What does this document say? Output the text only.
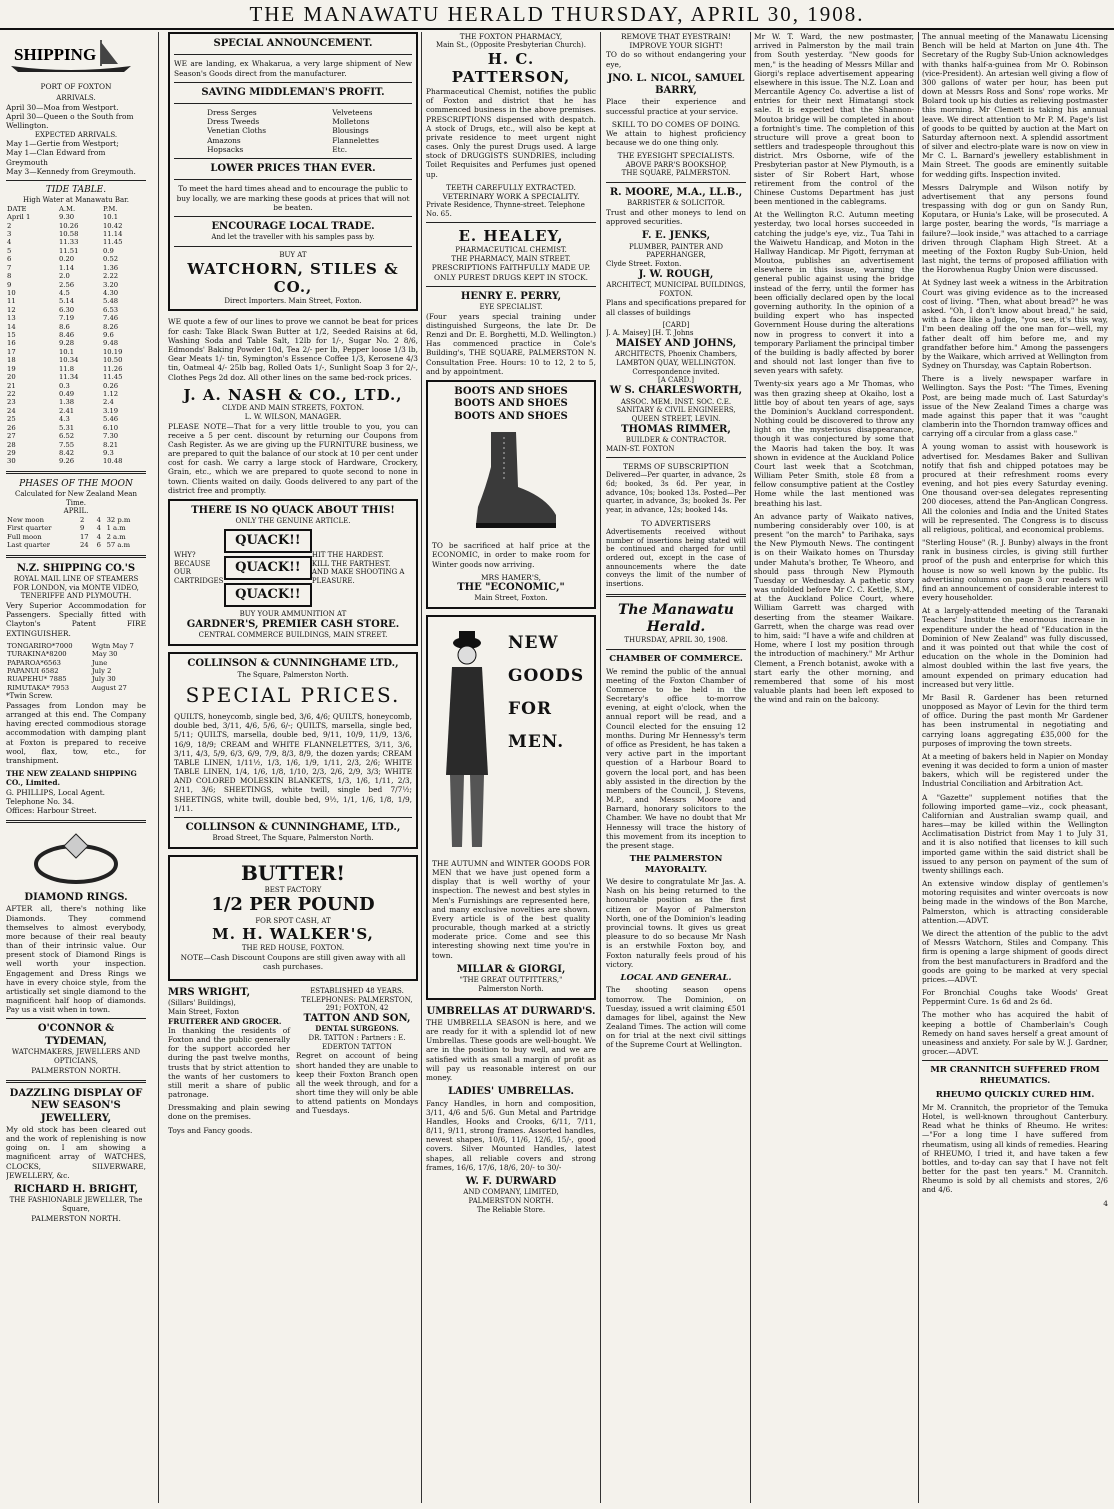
THE MANAWATU HERALD THURSDAY, APRIL 30, 1908.
SHIPPING
PORT OF FOXTON
ARRIVALS.
April 30—Moa from Westport.
April 30—Queen o the South from Wellington.
EXPECTED ARRIVALS.
May 1—Gertie from Westport;
May 1—Clan Edward from Greymouth
May 3—Kennedy from Greymouth.
TIDE TABLE.
High Water at Manawatu Bar.
DATE	A.M.	P.M.
April 1	9.30	10.1
2	10.26	10.42
3	10.58	11.14
4	11.33	11.45
5	11.51	0.9
6	0.20	0.52
7	1.14	1.36
8	2.0	2.22
9	2.56	3.20
10	4.5	4.30
11	5.14	5.48
12	6.30	6.53
13	7.19	7.46
14	8.6	8.26
15	8.46	9.6
16	9.28	9.48
17	10.1	10.19
18	10.34	10.50
19	11.8	11.26
20	11.34	11.45
21	0.3	0.26
22	0.49	1.12
23	1.38	2.4
24	2.41	3.19
25	4.3	5.46
26	5.31	6.10
27	6.52	7.30
28	7.55	8.21
29	8.42	9.3
30	9.26	10.48
PHASES OF THE MOON
Calculated for New Zealand Mean Time.
APRIL.
New moon	2	4	32 p.m
First quarter	9	4	1 a.m
Full moon	17	4	2 a.m
Last quarter	24	6	57 a.m
N.Z. SHIPPING CO.'S
ROYAL MAIL LINE OF STEAMERS
FOR LONDON, via MONTE VIDEO, TENERIFFE AND PLYMOUTH.

Very Superior Accommodation for Passengers. Specially fitted with Clayton's Patent FIRE EXTINGUISHER.

TONGARIRO*7000	Wgtn May 7
TURAKINA*8200	May 30
PAPAROA*6563	June
PAPANUI 6582	July 2
RUAPEHU* 7885	July 30
RIMUTAKA* 7953	August 27
*Twin Screw.

Passages from London may be arranged at this end. The Company having erected commodious storage accommodation with damping plant at Foxton is prepared to receive wool, flax, tow, etc., for transhipment.

THE NEW ZEALAND SHIPPING CO., Limited.
G. PHILLIPS, Local Agent.
Telephone No. 34.
Offices: Harbour Street.
DIAMOND RINGS.

AFTER all, there's nothing like Diamonds. They commend themselves to almost everybody, more because of their real beauty than of their intrinsic value. Our present stock of Diamond Rings is well worth your inspection. Engagement and Dress Rings we have in every choice style, from the artistically set single diamond to the magnificent half hoop of diamonds. Pay us a visit when in town.

O'CONNOR & TYDEMAN,
WATCHMAKERS, JEWELLERS AND OPTICIANS,
PALMERSTON NORTH.
DAZZLING DISPLAY OF NEW SEASON'S JEWELLERY,

My old stock has been cleared out and the work of replenishing is now going on. I am showing a magnificent array of WATCHES, CLOCKS, SILVERWARE, JEWELLERY, &c.

RICHARD H. BRIGHT,
THE FASHIONABLE JEWELLER, The Square,
PALMERSTON NORTH.
SPECIAL ANNOUNCEMENT.

WE are landing, ex Whakarua, a very large shipment of New Season's Goods direct from the manufacturer.

SAVING MIDDLEMAN'S PROFIT.
Dress Serges
Dress Tweeds
Venetian Cloths
Amazons
Hopsacks
Velveteens
Molletons
Blousings
Flannelettes
Etc.
LOWER PRICES THAN EVER.

To meet the hard times ahead and to encourage the public to buy locally, we are marking these goods at prices that will not be beaten.

ENCOURAGE LOCAL TRADE.
And let the traveller with his samples pass by.
BUY AT
WATCHORN, STILES & CO.,
Direct Importers. Main Street, Foxton.

WE quote a few of our lines to prove we cannot be beat for prices for cash: Take Black Swan Butter at 1/2, Seeded Raisins at 6d, Washing Soda and Table Salt, 12lb for 1/-, Sugar No. 2 8/6, Edmonds' Baking Powder 10d, Tea 2/- per lb, Pepper loose 1/3 lb, Gear Meats 1/- tin, Symington's Essence Coffee 1/3, Kerosene 4/3 tin, Oatmeal 4/- 25lb bag, Rolled Oats 1/-, Sunlight Soap 3 for 2/-, Clothes Pegs 2d doz. All other lines on the same bed-rock prices.

J. A. NASH & CO., LTD.,
CLYDE AND MAIN STREETS, FOXTON.
L. W. WILSON, MANAGER.

PLEASE NOTE—That for a very little trouble to you, you can receive a 5 per cent. discount by returning our Coupons from Cash Register. As we are giving up the FURNITURE business, we are prepared to quit the balance of our stock at 10 per cent under cost for cash. We carry a large stock of Hardware, Crockery, Grain, etc., which we are prepared to quote second to none in town. Clients waited on daily. Goods delivered to any part of the district free and promptly.

THERE IS NO QUACK ABOUT THIS!
ONLY THE GENUINE ARTICLE.
WHY?
BECAUSE
OUR CARTRIDGES
QUACK!!
QUACK!!
QUACK!!
HIT THE HARDEST.
KILL THE FARTHEST.
AND MAKE SHOOTING A PLEASURE.
BUY YOUR AMMUNITION AT
GARDNER'S, PREMIER CASH STORE.
CENTRAL COMMERCE BUILDINGS, MAIN STREET.
COLLINSON & CUNNINGHAME LTD.,
The Square, Palmerston North.
SPECIAL PRICES.

QUILTS, honeycomb, single bed, 3/6, 4/6; QUILTS, honeycomb, double bed, 3/11, 4/6, 5/6, 6/-; QUILTS, marsella, single bed, 5/11; QUILTS, marsella, double bed, 9/11, 10/9, 11/9, 13/6, 16/9, 18/9; CREAM and WHITE FLANNELETTES, 3/11, 3/6, 3/11, 4/3, 5/9, 6/3, 6/9, 7/9, 8/3, 8/9, the dozen yards; CREAM TABLE LINEN, 1/11½, 1/3, 1/6, 1/9, 1/11, 2/3, 2/6; WHITE TABLE LINEN, 1/4, 1/6, 1/8, 1/10, 2/3, 2/6, 2/9, 3/3; WHITE AND COLORED MOLESKIN BLANKETS, 1/3, 1/6, 1/11, 2/3, 2/11, 3/6; SHEETINGS, white twill, single bed 7/7½; SHEETINGS, white twill, double bed, 9½, 1/1, 1/6, 1/8, 1/9, 1/11.

COLLINSON & CUNNINGHAME, LTD.,
Broad Street, The Square, Palmerston North.
BUTTER!
BEST FACTORY
1/2 PER POUND
FOR SPOT CASH, AT
M. H. WALKER'S,
THE RED HOUSE, FOXTON.

NOTE—Cash Discount Coupons are still given away with all cash purchases.

MRS WRIGHT,
(Sillars' Buildings),
Main Street, Foxton
FRUITERER AND GROCER.

In thanking the residents of Foxton and the public generally for the support accorded her during the past twelve months, trusts that by strict attention to the wants of her customers to still merit a share of public patronage.

Dressmaking and plain sewing done on the premises.

Toys and Fancy goods.
ESTABLISHED 48 YEARS.
TELEPHONES: PALMERSTON, 291; FOXTON, 42
TATTON AND SON,
DENTAL SURGEONS.
DR. TATTON : Partners : E. EDERTON TATTON

Regret on account of being short handed they are unable to keep their Foxton Branch open all the week through, and for a short time they will only be able to attend patients on Mondays and Tuesdays.

THE FOXTON PHARMACY,
Main St., (Opposite Presbyterian Church).
H. C. PATTERSON,

Pharmaceutical Chemist, notifies the public of Foxton and district that he has commenced business in the above premises. PRESCRIPTIONS dispensed with despatch. A stock of Drugs, etc., will also be kept at private residence to meet urgent night cases. Only the purest Drugs used. A large stock of DRUGGISTS SUNDRIES, including Toilet Requisites and Perfumes just opened up.

TEETH CAREFULLY EXTRACTED.
VETERINARY WORK A SPECIALITY.
Private Residence, Thynne-street. Telephone No. 65.
E. HEALEY,
PHARMACEUTICAL CHEMIST.
THE PHARMACY, MAIN STREET.
PRESCRIPTIONS FAITHFULLY MADE UP.
ONLY PUREST DRUGS KEPT IN STOCK.
HENRY E. PERRY,
EYE SPECIALIST.

(Four years special training under distinguished Surgeons, the late Dr. De Renzi and Dr. E. Borghetti, M.D. Wellington.) Has commenced practice in Cole's Building's, THE SQUARE, PALMERSTON N. Consultation Free. Hours: 10 to 12, 2 to 5, and by appointment.

BOOTS AND SHOES
BOOTS AND SHOES
BOOTS AND SHOES

TO be sacrificed at half price at the ECONOMIC, in order to make room for Winter goods now arriving.

MRS HAMER'S,
THE "ECONOMIC,"
Main Street, Foxton.
NEW
GOODS
FOR
MEN.

THE AUTUMN and WINTER GOODS FOR MEN that we have just opened form a display that is well worthy of your inspection. The newest and best styles in Men's Furnishings are represented here, and many exclusive novelties are shown. Every article is of the best quality procurable, though marked at a strictly moderate price. Come and see this interesting showing next time you're in town.

MILLAR & GIORGI,
"THE GREAT OUTFITTERS,"
Palmerston North.
UMBRELLAS AT DURWARD'S.

THE UMBRELLA SEASON is here, and we are ready for it with a splendid lot of new Umbrellas. These goods are well-bought. We are in the position to buy well, and we are satisfied with as small a margin of profit as will pay us reasonable interest on our money.

LADIES' UMBRELLAS.

Fancy Handles, in horn and composition, 3/11, 4/6 and 5/6. Gun Metal and Partridge Handles, Hooks and Crooks, 6/11, 7/11, 8/11, 9/11, strong frames. Assorted handles, newest shapes, 10/6, 11/6, 12/6, 15/-, good covers. Silver Mounted Handles, latest shapes, all reliable covers and strong frames, 16/6, 17/6, 18/6, 20/- to 30/-

W. F. DURWARD
AND COMPANY, LIMITED,
PALMERSTON NORTH.
The Reliable Store.
REMOVE THAT EYESTRAIN! IMPROVE YOUR SIGHT!

TO do so without endangering your eye,

JNO. L. NICOL, SAMUEL BARRY,

Place their experience and successful practice at your service.

SKILL TO DO COMES OF DOING.

We attain to highest proficiency because we do one thing only.

THE EYESIGHT SPECIALISTS.
ABOVE PARR'S BOOKSHOP,
THE SQUARE, PALMERSTON.
R. MOORE, M.A., LL.B.,
BARRISTER & SOLICITOR.

Trust and other moneys to lend on approved securities.

F. E. JENKS,
PLUMBER, PAINTER AND PAPERHANGER,
Clyde Street. Foxton.
J. W. ROUGH,
ARCHITECT, MUNICIPAL BUILDINGS, FOXTON.

Plans and specifications prepared for all classes of buildings

[CARD]
J. A. Maisey] [H. T. Johns
MAISEY AND JOHNS,
ARCHITECTS, Phoenix Chambers, LAMBTON QUAY, WELLINGTON.
Correspondence invited.
[A CARD.]
W S. CHARLESWORTH,
ASSOC. MEM. INST. SOC. C.E. SANITARY & CIVIL ENGINEERS, QUEEN STREET, LEVIN.
THOMAS RIMMER,
BUILDER & CONTRACTOR.
MAIN-ST. FOXTON
TERMS OF SUBSCRIPTION

Delivered—Per quarter, in advance, 2s 6d; booked, 3s 6d. Per year, in advance, 10s; booked 13s. Posted—Per quarter, in advance, 3s; booked 3s. Per year, in advance, 12s; booked 14s.

TO ADVERTISERS

Advertisements received without number of insertions being stated will be continued and charged for until ordered out, except in the case of announcements where the date conveys the limit of the number of insertions.

The Manawatu Herald.
THURSDAY, APRIL 30, 1908.
CHAMBER OF COMMERCE.

We remind the public of the annual meeting of the Foxton Chamber of Commerce to be held in the Secretary's office to-morrow evening, at eight o'clock, when the annual report will be read, and a Council elected for the ensuing 12 months. During Mr Hennessy's term of office as President, he has taken a very active part in the important question of a Harbour Board to govern the local port, and has been ably assisted in the direction by the members of the Council, J. Stevens, M.P., and Messrs Moore and Barnard, honorary solicitors to the Chamber. We have no doubt that Mr Hennessy will trace the history of this movement from its inception to the present stage.

THE PALMERSTON MAYORALTY.

We desire to congratulate Mr Jas. A. Nash on his being returned to the honourable position as the first citizen or Mayor of Palmerston North, one of the Dominion's leading provincial towns. It gives us great pleasure to do so because Mr Nash is an erstwhile Foxton boy, and Foxton naturally feels proud of his victory.

LOCAL AND GENERAL.

The shooting season opens tomorrow. The Dominion, on Tuesday, issued a writ claiming £501 damages for libel, against the New Zealand Times. The action will come on for trial at the next civil sittings of the Supreme Court at Wellington.

Mr W. T. Ward, the new postmaster, arrived in Palmerston by the mail train from South yesterday. "New goods for men," is the heading of Messrs Millar and Giorgi's replace advertisement appearing elsewhere in this issue. The N.Z. Loan and Mercantile Agency Co. advertise a list of entries for their next Himatangi stock sale. It is expected that the Shannon-Moutoa bridge will be completed in about a fortnight's time. The completion of this structure will prove a great boon to settlers and tradespeople throughout this district. Mrs Osborne, wife of the Presbyterian pastor at New Plymouth, is a sister of Sir Robert Hart, whose retirement from the control of the Chinese Customs Department has just been mentioned in the cablegrams.

At the Wellington R.C. Autumn meeting yesterday, two local horses succeeded in catching the judge's eye, viz., Tua Tahi in the Waiwetu Handicap, and Moton in the Hallway Handicap. Mr Pigott, ferryman at Moutoa, publishes an advertisement elsewhere in this issue, warning the general public against using the bridge instead of the ferry, until the former has been officially declared open by the local governing authority. In the opinion of a building expert who has inspected Government House during the alterations now in progress to convert it into a temporary Parliament the principal timber of the building is badly affected by borer and should not last longer than five to seven years with safety.

Twenty-six years ago a Mr Thomas, who was then grazing sheep at Okaiho, lost a little boy of about ten years of age, says the Dominion's Auckland correspondent. Nothing could be discovered to throw any light on the mysterious disappearance, though it was conjectured by some that the Maoris had taken the boy. It was shown in evidence at the Auckland Police Court last week that a Scotchman, William Peter Smith, stole £8 from a fellow consumptive patient at the Costley Home while the last mentioned was breathing his last.

An advance party of Waikato natives, numbering considerably over 100, is at present "on the march" to Parihaka, says the New Plymouth News. The contingent is on their Waikato homes on Thursday under Mahuta's brother, Te Wheoro, and should pass through New Plymouth Tuesday or Wednesday. A pathetic story was unfolded before Mr C. C. Kettle, S.M., at the Auckland Police Court, where William Garrett was charged with deserting from the steamer Waikare. Garrett, when the charge was read over to him, said: "I have a wife and children at Home, where I lost my position through the introduction of machinery." Mr Arthur Clement, a French botanist, awoke with a start early the other morning, and remembered that some of his most valuable plants had been left exposed to the wind and rain on the balcony.

The annual meeting of the Manawatu Licensing Bench will be held at Marton on June 4th. The Secretary of the Rugby Sub-Union acknowledges with thanks half-a-guinea from Mr O. Robinson (vice-President). An artesian well giving a flow of 300 gallons of water per hour, has been put down at Messrs Ross and Sons' rope works. Mr Bolard took up his duties as relieving postmaster this morning. Mr Clemett is taking his annual leave. We direct attention to Mr P. M. Page's list of goods to be quitted by auction at the Mart on Saturday afternoon next. A splendid assortment of silver and electro-plate ware is now on view in Mr C. L. Barnard's jewellery establishment in Main Street. The goods are eminently suitable for wedding gifts. Inspection invited.

Messrs Dalrymple and Wilson notify by advertisement that any persons found trespassing with dog or gun on Sandy Run, Koputara, or Hunia's Lake, will be prosecuted. A large poster, bearing the words, "Is marriage a failure?—look inside," was attached to a carriage driven through Clapham High Street. At a meeting of the Foxton Rugby Sub-Union, held last night, the terms of proposed affiliation with the Horowhenua Rugby Union were discussed.

At Sydney last week a witness in the Arbitration Court was giving evidence as to the increased cost of living. "Then, what about bread?" he was asked. "Oh, I don't know about bread," he said, with a face like a Judge, "you see, it's this way, I'm been dealing off the one man for—well, my father dealt off him before me, and my grandfather before him." Among the passengers by the Waikare, which arrived at Wellington from Sydney on Thursday, was Captain Robertson.

There is a lively newspaper warfare in Wellington. Says the Post: "The Times, Evening Post, are being made much of. Last Saturday's issue of the New Zealand Times a charge was made against this paper that it was "caught clamberin into the Thorndon tramway offices and carrying off a circular from a glass case."

A young woman to assist with housework is advertised for. Mesdames Baker and Sullivan notify that fish and chipped potatoes may be procured at their refreshment rooms every evening, and hot pies every Saturday evening. One thousand over-sea delegates representing 200 dioceses, attend the Pan-Anglican Congress. All the colonies and India and the United States will be represented. The Congress is to discuss all religious, political, and economical problems.

"Sterling House" (R. J. Bunby) always in the front rank in business circles, is giving still further proof of the push and enterprise for which this house is now so well known by the public. Its advertising columns on page 3 our readers will find an announcement of considerable interest to every householder.

At a largely-attended meeting of the Taranaki Teachers' Institute the enormous increase in expenditure under the head of "Education in the Dominion of New Zealand" was fully discussed, and it was pointed out that while the cost of education on the whole in the Dominion had almost doubled within the last five years, the amount expended on primary education had increased but very little.

Mr Basil R. Gardener has been returned unopposed as Mayor of Levin for the third term of office. During the past month Mr Gardener has been instrumental in negotiating and carrying loans aggregating £35,000 for the purposes of improving the town streets.

At a meeting of bakers held in Napier on Monday evening it was decided to form a union of master bakers, which will be registered under the Industrial Conciliation and Arbitration Act.

A "Gazette" supplement notifies that the following imported game—viz., cock pheasant, Californian and Australian swamp quail, and hares—may be killed within the Wellington Acclimatisation District from May 1 to July 31, and it is also notified that licenses to kill such imported game within the said district shall be issued to any person on payment of the sum of twenty shillings each.

An extensive window display of gentlemen's motoring requisites and winter overcoats is now being made in the windows of the Bon Marche, Palmerston, which is attracting considerable attention.—ADVT.

We direct the attention of the public to the advt of Messrs Watchorn, Stiles and Company. This firm is opening a large shipment of goods direct from the best manufacturers in Bradford and the goods are going to be marked at very special prices.—ADVT.

For Bronchial Coughs take Woods' Great Peppermint Cure. 1s 6d and 2s 6d.

The mother who has acquired the habit of keeping a bottle of Chamberlain's Cough Remedy on hand saves herself a great amount of uneasiness and anxiety. For sale by W. J. Gardner, grocer.—ADVT.

MR CRANNITCH SUFFERED FROM RHEUMATICS.
RHEUMO QUICKLY CURED HIM.

Mr M. Crannitch, the proprietor of the Temuka Hotel, is well-known throughout Canterbury. Read what he thinks of Rheumo. He writes:—"For a long time I have suffered from rheumatism, using all kinds of remedies. Hearing of RHEUMO, I tried it, and have taken a few bottles, and to-day can say that I have not felt better for the past ten years." M. Crannitch. Rheumo is sold by all chemists and stores, 2/6 and 4/6.

4
